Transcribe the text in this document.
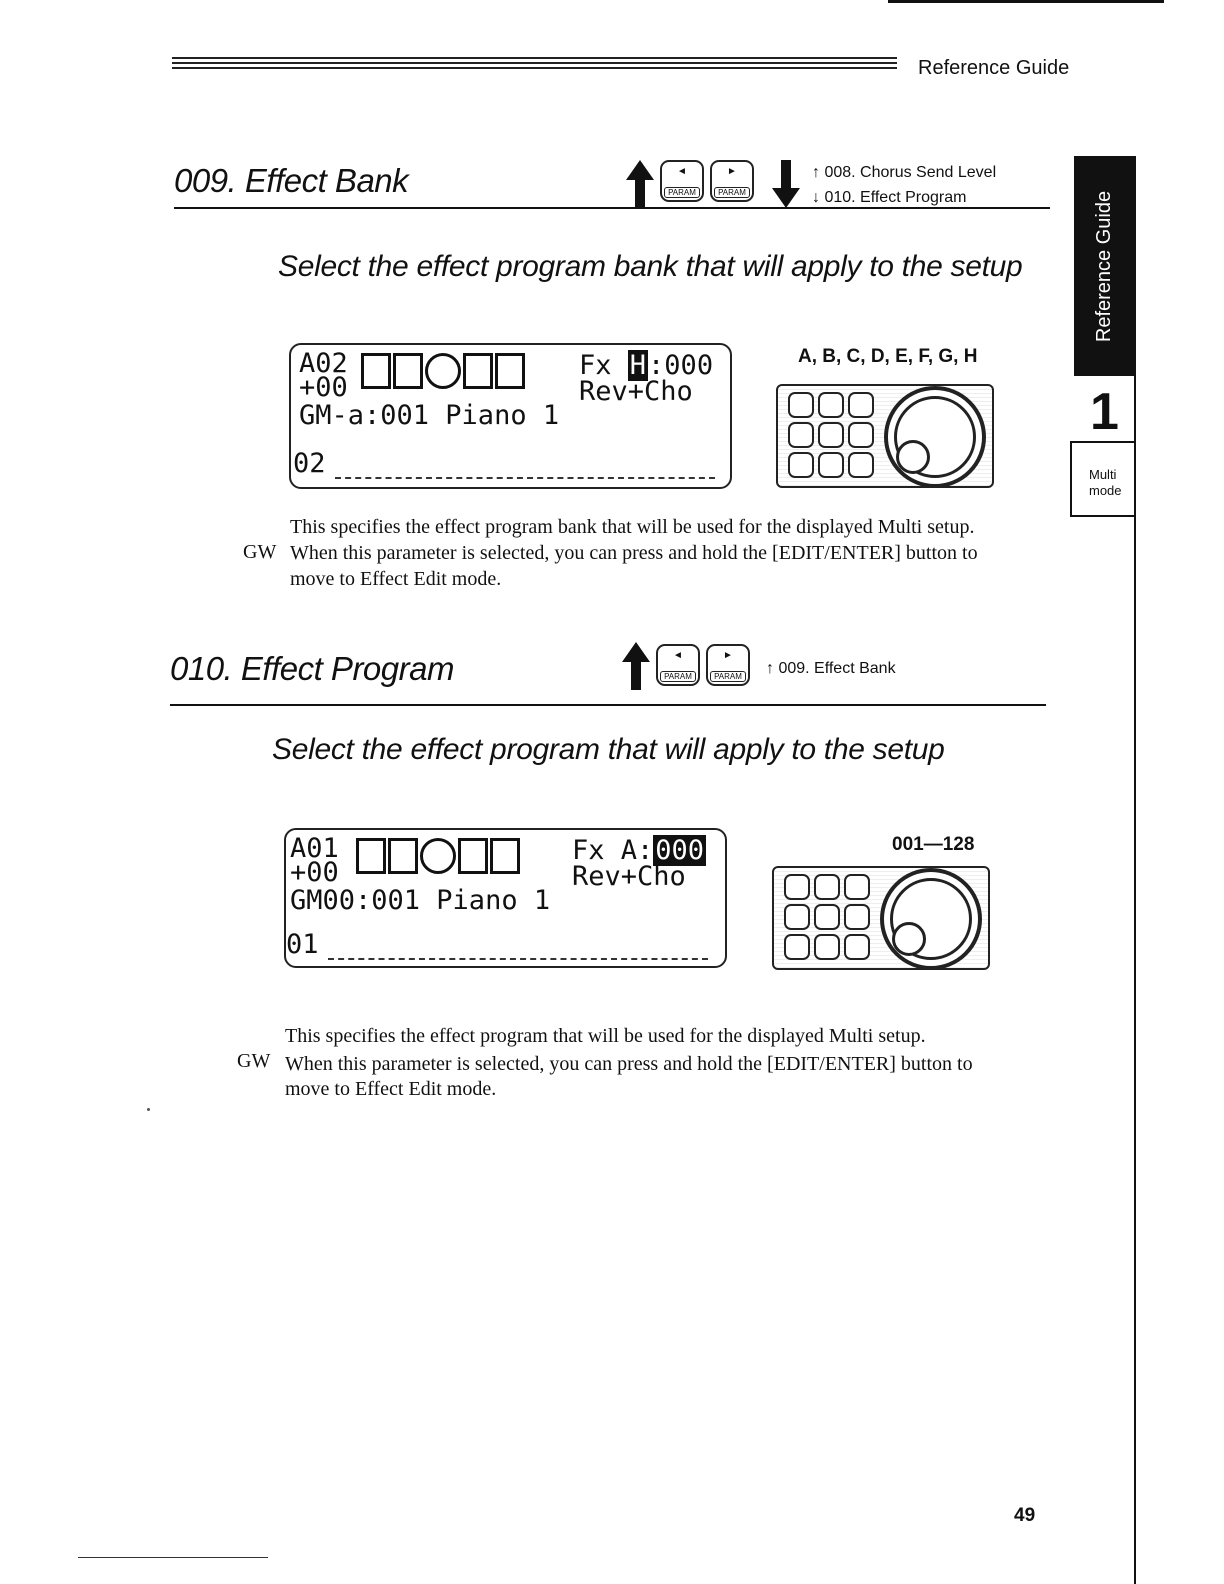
Reference Guide
Reference Guide
1
Multi
mode
009. Effect Bank	◄
PARAM
►
PARAM
↑ 008. Chorus Send Level
↓ 010. Effect Program
Select the effect program bank that will apply to the setup
A02
+00
Fx H:000
Rev+Cho
GM-a:001 Piano 1
02
A, B, C, D, E, F, G, H
This specifies the effect program bank that will be used for the displayed Multi setup.
GW When this parameter is selected, you can press and hold the [EDIT/ENTER] button to
move to Effect Edit mode.
010. Effect Program	◄
PARAM
►
PARAM ↑ 009. Effect Bank
Select the effect program that will apply to the setup
A01
+00
Fx A:000
Rev+Cho
GM00:001 Piano 1
01
001—128
This specifies the effect program that will be used for the displayed Multi setup.
GW When this parameter is selected, you can press and hold the [EDIT/ENTER] button to
move to Effect Edit mode.
49
